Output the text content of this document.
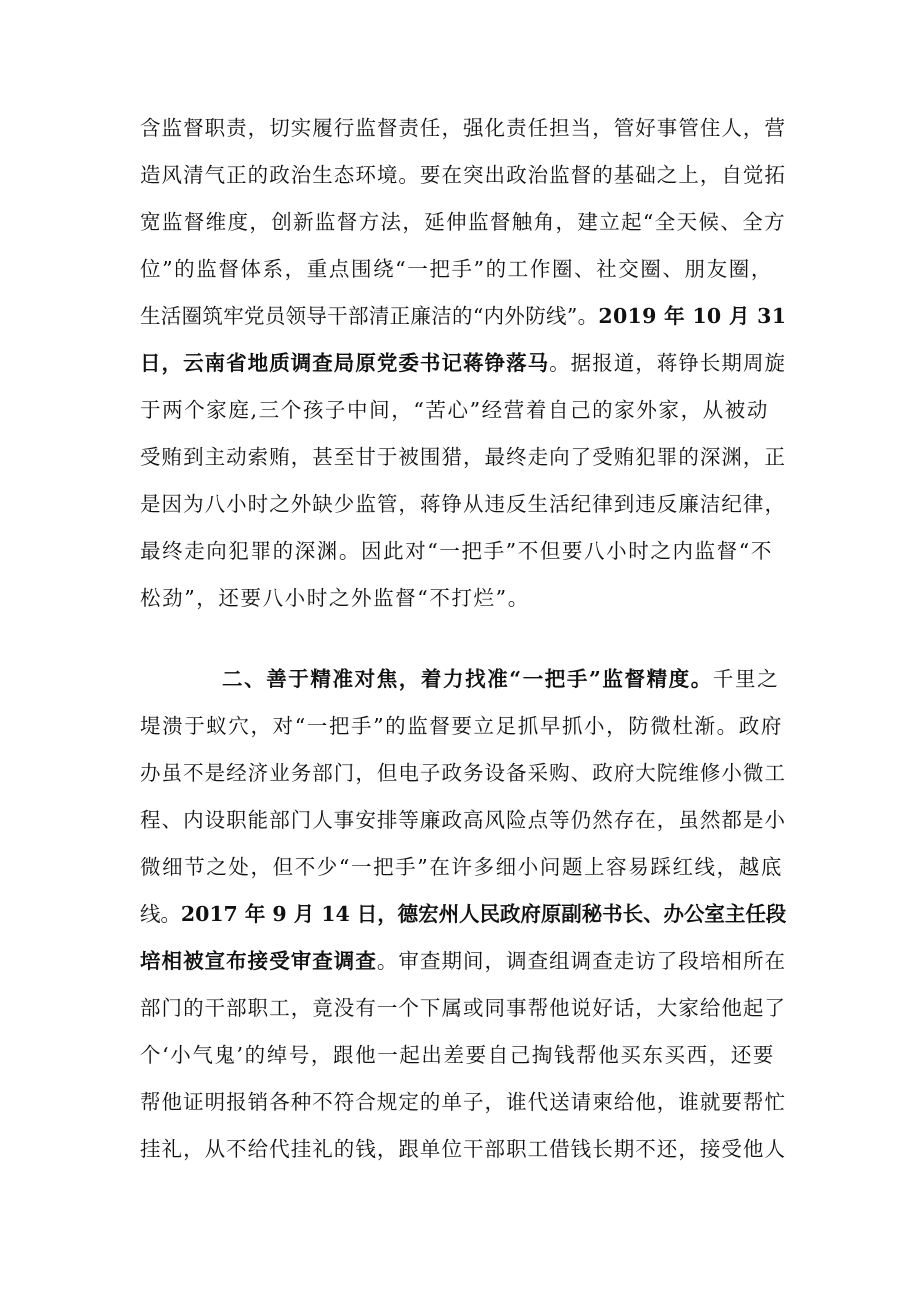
含监督职责，切实履行监督责任，强化责任担当，管好事管住人，营
造风清气正的政治生态环境。要在突出政治监督的基础之上，自觉拓
宽监督维度，创新监督方法，延伸监督触角，建立起“全天候、全方
位”的监督体系，重点围绕“一把手”的工作圈、社交圈、朋友圈，
生活圈筑牢党员领导干部清正廉洁的“内外防线”。2019 年 10 月 31
日，云南省地质调查局原党委书记蒋铮落马。据报道，蒋铮长期周旋
于两个家庭,三个孩子中间，“苦心”经营着自己的家外家，从被动
受贿到主动索贿，甚至甘于被围猎，最终走向了受贿犯罪的深渊，正
是因为八小时之外缺少监管，蒋铮从违反生活纪律到违反廉洁纪律，
最终走向犯罪的深渊。因此对“一把手”不但要八小时之内监督“不
松劲”，还要八小时之外监督“不打烂”。
二、善于精准对焦，着力找准“一把手”监督精度。千里之
堤溃于蚁穴，对“一把手”的监督要立足抓早抓小，防微杜渐。政府
办虽不是经济业务部门，但电子政务设备采购、政府大院维修小微工
程、内设职能部门人事安排等廉政高风险点等仍然存在，虽然都是小
微细节之处，但不少“一把手”在许多细小问题上容易踩红线，越底
线。2017 年 9 月 14 日，德宏州人民政府原副秘书长、办公室主任段
培相被宣布接受审查调查。审查期间，调查组调查走访了段培相所在
部门的干部职工，竟没有一个下属或同事帮他说好话，大家给他起了
个‘小气鬼’的绰号，跟他一起出差要自己掏钱帮他买东买西，还要
帮他证明报销各种不符合规定的单子，谁代送请柬给他，谁就要帮忙
挂礼，从不给代挂礼的钱，跟单位干部职工借钱长期不还，接受他人
